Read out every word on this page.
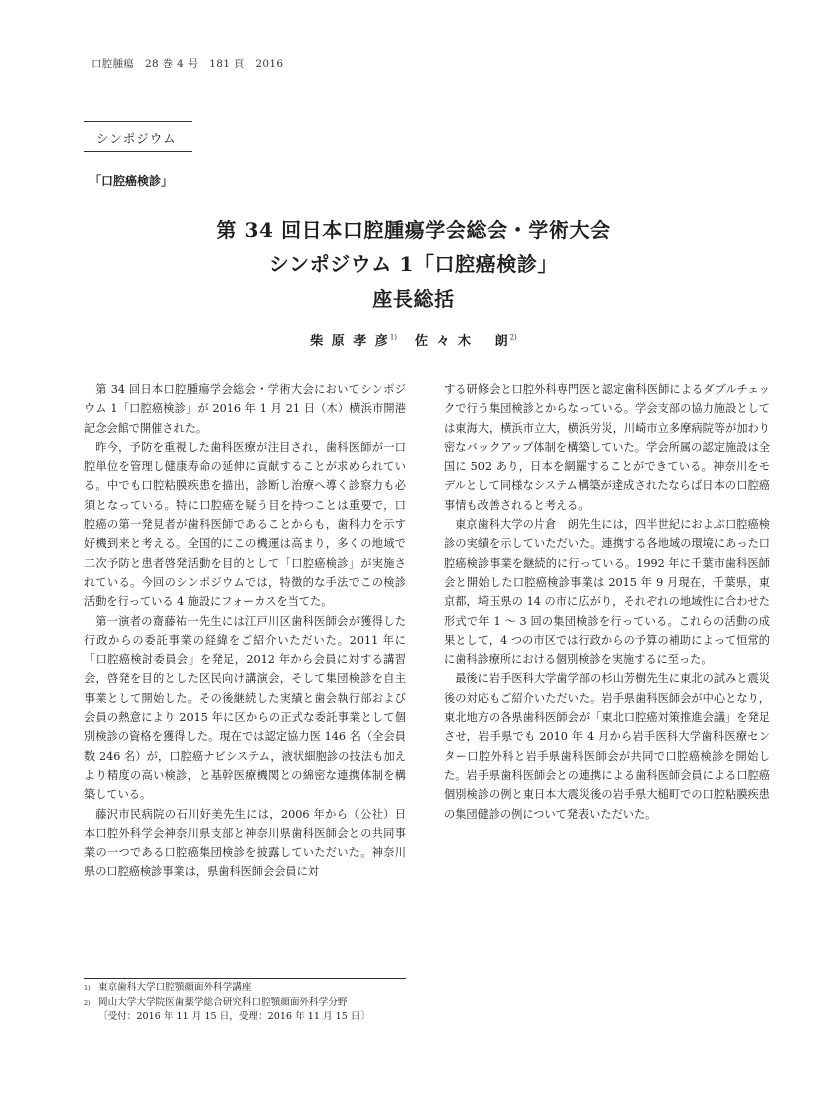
口腔腫瘍　28 巻 4 号　181 頁　2016
シンポジウム
「口腔癌検診」
第 34 回日本口腔腫瘍学会総会・学術大会
シンポジウム 1「口腔癌検診」
座長総括
柴 原 孝 彦$^{1)}$ 佐 々 木　 朗$^{2)}$

第 34 回日本口腔腫瘍学会総会・学術大会においてシンポジウム 1「口腔癌検診」が 2016 年 1 月 21 日（木）横浜市開港記念会館で開催された。

昨今，予防を重視した歯科医療が注目され，歯科医師が一口腔単位を管理し健康寿命の延伸に貢献することが求められている。中でも口腔粘膜疾患を描出，診断し治療へ導く診察力も必須となっている。特に口腔癌を疑う目を持つことは重要で，口腔癌の第一発見者が歯科医師であることからも，歯科力を示す好機到来と考える。全国的にこの機運は高まり，多くの地域で二次予防と患者啓発活動を目的として「口腔癌検診」が実施されている。今回のシンポジウムでは，特徴的な手法でこの検診活動を行っている 4 施設にフォーカスを当てた。

第一演者の齋藤祐一先生には江戸川区歯科医師会が獲得した行政からの委託事業の経緯をご紹介いただいた。2011 年に「口腔癌検討委員会」を発足，2012 年から会員に対する講習会，啓発を目的とした区民向け講演会，そして集団検診を自主事業として開始した。その後継続した実績と歯会執行部および会員の熱意により 2015 年に区からの正式な委託事業として個別検診の資格を獲得した。現在では認定協力医 146 名（全会員数 246 名）が，口腔癌ナビシステム，液状細胞診の技法も加えより精度の高い検診，と基幹医療機関との綿密な連携体制を構築している。

藤沢市民病院の石川好美先生には，2006 年から（公社）日本口腔外科学会神奈川県支部と神奈川県歯科医師会との共同事業の一つである口腔癌集団検診を披露していただいた。神奈川県の口腔癌検診事業は，県歯科医師会会員に対

する研修会と口腔外科専門医と認定歯科医師によるダブルチェックで行う集団検診とからなっている。学会支部の協力施設としては東海大，横浜市立大，横浜労災，川崎市立多摩病院等が加わり密なバックアップ体制を構築していた。学会所属の認定施設は全国に 502 あり，日本を網羅することができている。神奈川をモデルとして同様なシステム構築が達成されたならば日本の口腔癌事情も改善されると考える。

東京歯科大学の片倉　朗先生には，四半世紀におよぶ口腔癌検診の実績を示していただいた。連携する各地域の環境にあった口腔癌検診事業を継続的に行っている。1992 年に千葉市歯科医師会と開始した口腔癌検診事業は 2015 年 9 月現在，千葉県，東京都，埼玉県の 14 の市に広がり，それぞれの地域性に合わせた形式で年 1 ～ 3 回の集団検診を行っている。これらの活動の成果として，4 つの市区では行政からの予算の補助によって恒常的に歯科診療所における個別検診を実施するに至った。

最後に岩手医科大学歯学部の杉山芳樹先生に東北の試みと震災後の対応もご紹介いただいた。岩手県歯科医師会が中心となり，東北地方の各県歯科医師会が「東北口腔癌対策推進会議」を発足させ，岩手県でも 2010 年 4 月から岩手医科大学歯科医療センター口腔外科と岩手県歯科医師会が共同で口腔癌検診を開始した。岩手県歯科医師会との連携による歯科医師会員による口腔癌個別検診の例と東日本大震災後の岩手県大槌町での口腔粘膜疾患の集団健診の例について発表いただいた。

$^{1)}$ 東京歯科大学口腔顎顔面外科学講座
$^{2)}$ 岡山大学大学院医歯薬学総合研究科口腔顎顔面外科学分野
〔受付：2016 年 11 月 15 日，受理：2016 年 11 月 15 日〕
